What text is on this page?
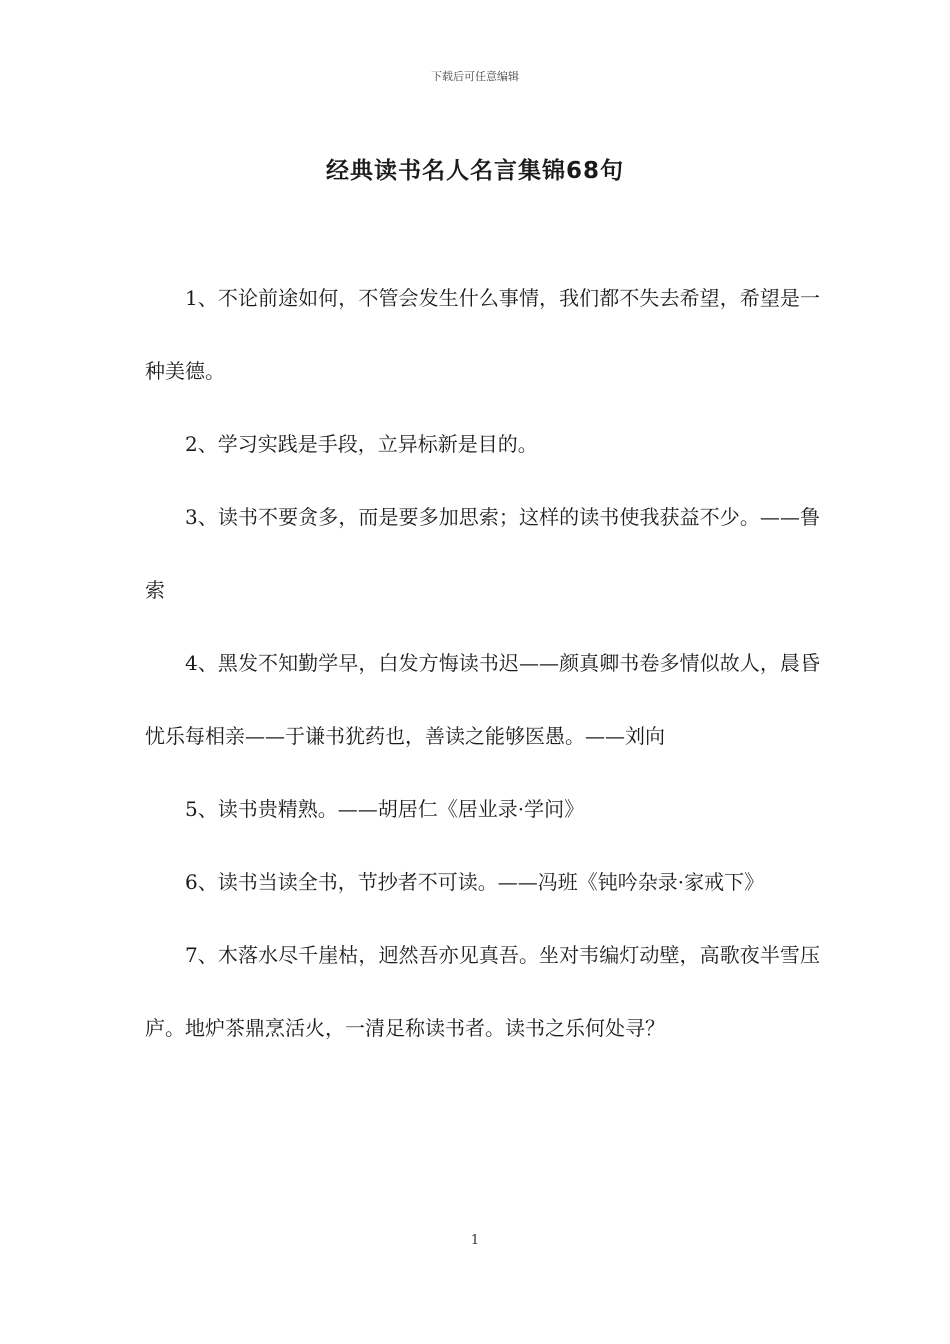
下载后可任意编辑
经典读书名人名言集锦68句

1、不论前途如何，不管会发生什么事情，我们都不失去希望，希望是一种美德。

2、学习实践是手段，立异标新是目的。

3、读书不要贪多，而是要多加思索；这样的读书使我获益不少。——鲁索

4、黑发不知勤学早，白发方悔读书迟——颜真卿书卷多情似故人，晨昏忧乐每相亲——于谦书犹药也，善读之能够医愚。——刘向

5、读书贵精熟。——胡居仁《居业录·学问》

6、读书当读全书，节抄者不可读。——冯班《钝吟杂录·家戒下》

7、木落水尽千崖枯，迥然吾亦见真吾。坐对韦编灯动壁，高歌夜半雪压庐。地炉茶鼎烹活火，一清足称读书者。读书之乐何处寻？

1
